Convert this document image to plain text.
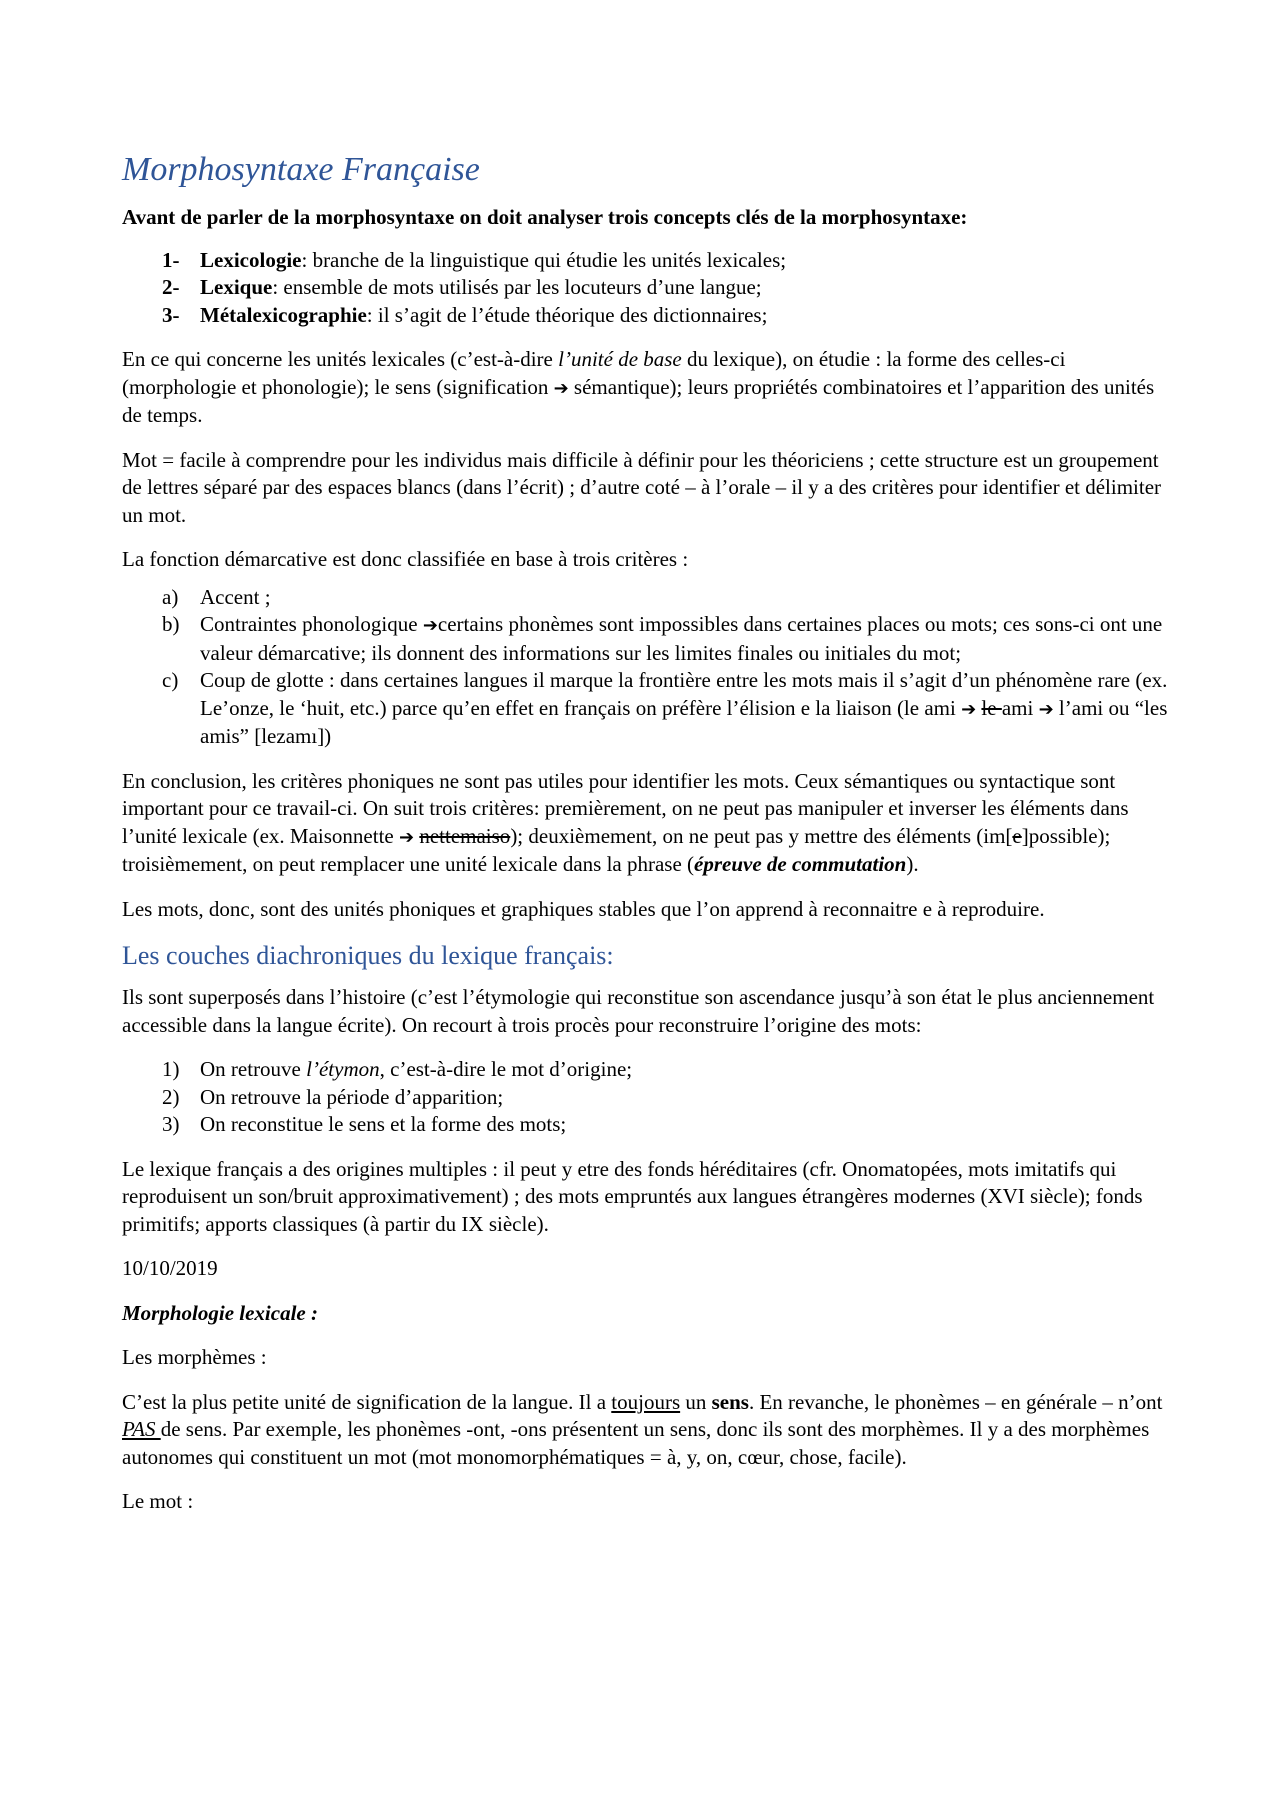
Morphosyntaxe Française

Avant de parler de la morphosyntaxe on doit analyser trois concepts clés de la morphosyntaxe:

1- Lexicologie: branche de la linguistique qui étudie les unités lexicales;
2- Lexique: ensemble de mots utilisés par les locuteurs d’une langue;
3- Métalexicographie: il s’agit de l’étude théorique des dictionnaires;

En ce qui concerne les unités lexicales (c’est-à-dire l’unité de base du lexique), on étudie : la forme des celles-ci (morphologie et phonologie); le sens (signification ➔ sémantique); leurs propriétés combinatoires et l’apparition des unités de temps.

Mot = facile à comprendre pour les individus mais difficile à définir pour les théoriciens ; cette structure est un groupement de lettres séparé par des espaces blancs (dans l’écrit) ; d’autre coté – à l’orale – il y a des critères pour identifier et délimiter un mot.

La fonction démarcative est donc classifiée en base à trois critères :

a) Accent ;
b) Contraintes phonologique ➔certains phonèmes sont impossibles dans certaines places ou mots; ces sons-ci ont une valeur démarcative; ils donnent des informations sur les limites finales ou initiales du mot;
c) Coup de glotte : dans certaines langues il marque la frontière entre les mots mais il s’agit d’un phénomène rare (ex. Le’onze, le ‘huit, etc.) parce qu’en effet en français on préfère l’élision e la liaison (le ami ➔ le ami ➔ l’ami ou “les amis” [lezamı])

En conclusion, les critères phoniques ne sont pas utiles pour identifier les mots. Ceux sémantiques ou syntactique sont important pour ce travail-ci. On suit trois critères: premièrement, on ne peut pas manipuler et inverser les éléments dans l’unité lexicale (ex. Maisonnette ➔ nettemaiso); deuxièmement, on ne peut pas y mettre des éléments (im[e]possible); troisièmement, on peut remplacer une unité lexicale dans la phrase (épreuve de commutation).

Les mots, donc, sont des unités phoniques et graphiques stables que l’on apprend à reconnaitre e à reproduire.

Les couches diachroniques du lexique français:

Ils sont superposés dans l’histoire (c’est l’étymologie qui reconstitue son ascendance jusqu’à son état le plus anciennement accessible dans la langue écrite). On recourt à trois procès pour reconstruire l’origine des mots:

1) On retrouve l’étymon, c’est-à-dire le mot d’origine;
2) On retrouve la période d’apparition;
3) On reconstitue le sens et la forme des mots;

Le lexique français a des origines multiples : il peut y etre des fonds héréditaires (cfr. Onomatopées, mots imitatifs qui reproduisent un son/bruit approximativement) ; des mots empruntés aux langues étrangères modernes (XVI siècle); fonds primitifs; apports classiques (à partir du IX siècle).

10/10/2019

Morphologie lexicale :

Les morphèmes :

C’est la plus petite unité de signification de la langue. Il a toujours un sens. En revanche, le phonèmes – en générale – n’ont PAS de sens. Par exemple, les phonèmes -ont, -ons présentent un sens, donc ils sont des morphèmes. Il y a des morphèmes autonomes qui constituent un mot (mot monomorphématiques = à, y, on, cœur, chose, facile).

Le mot :
